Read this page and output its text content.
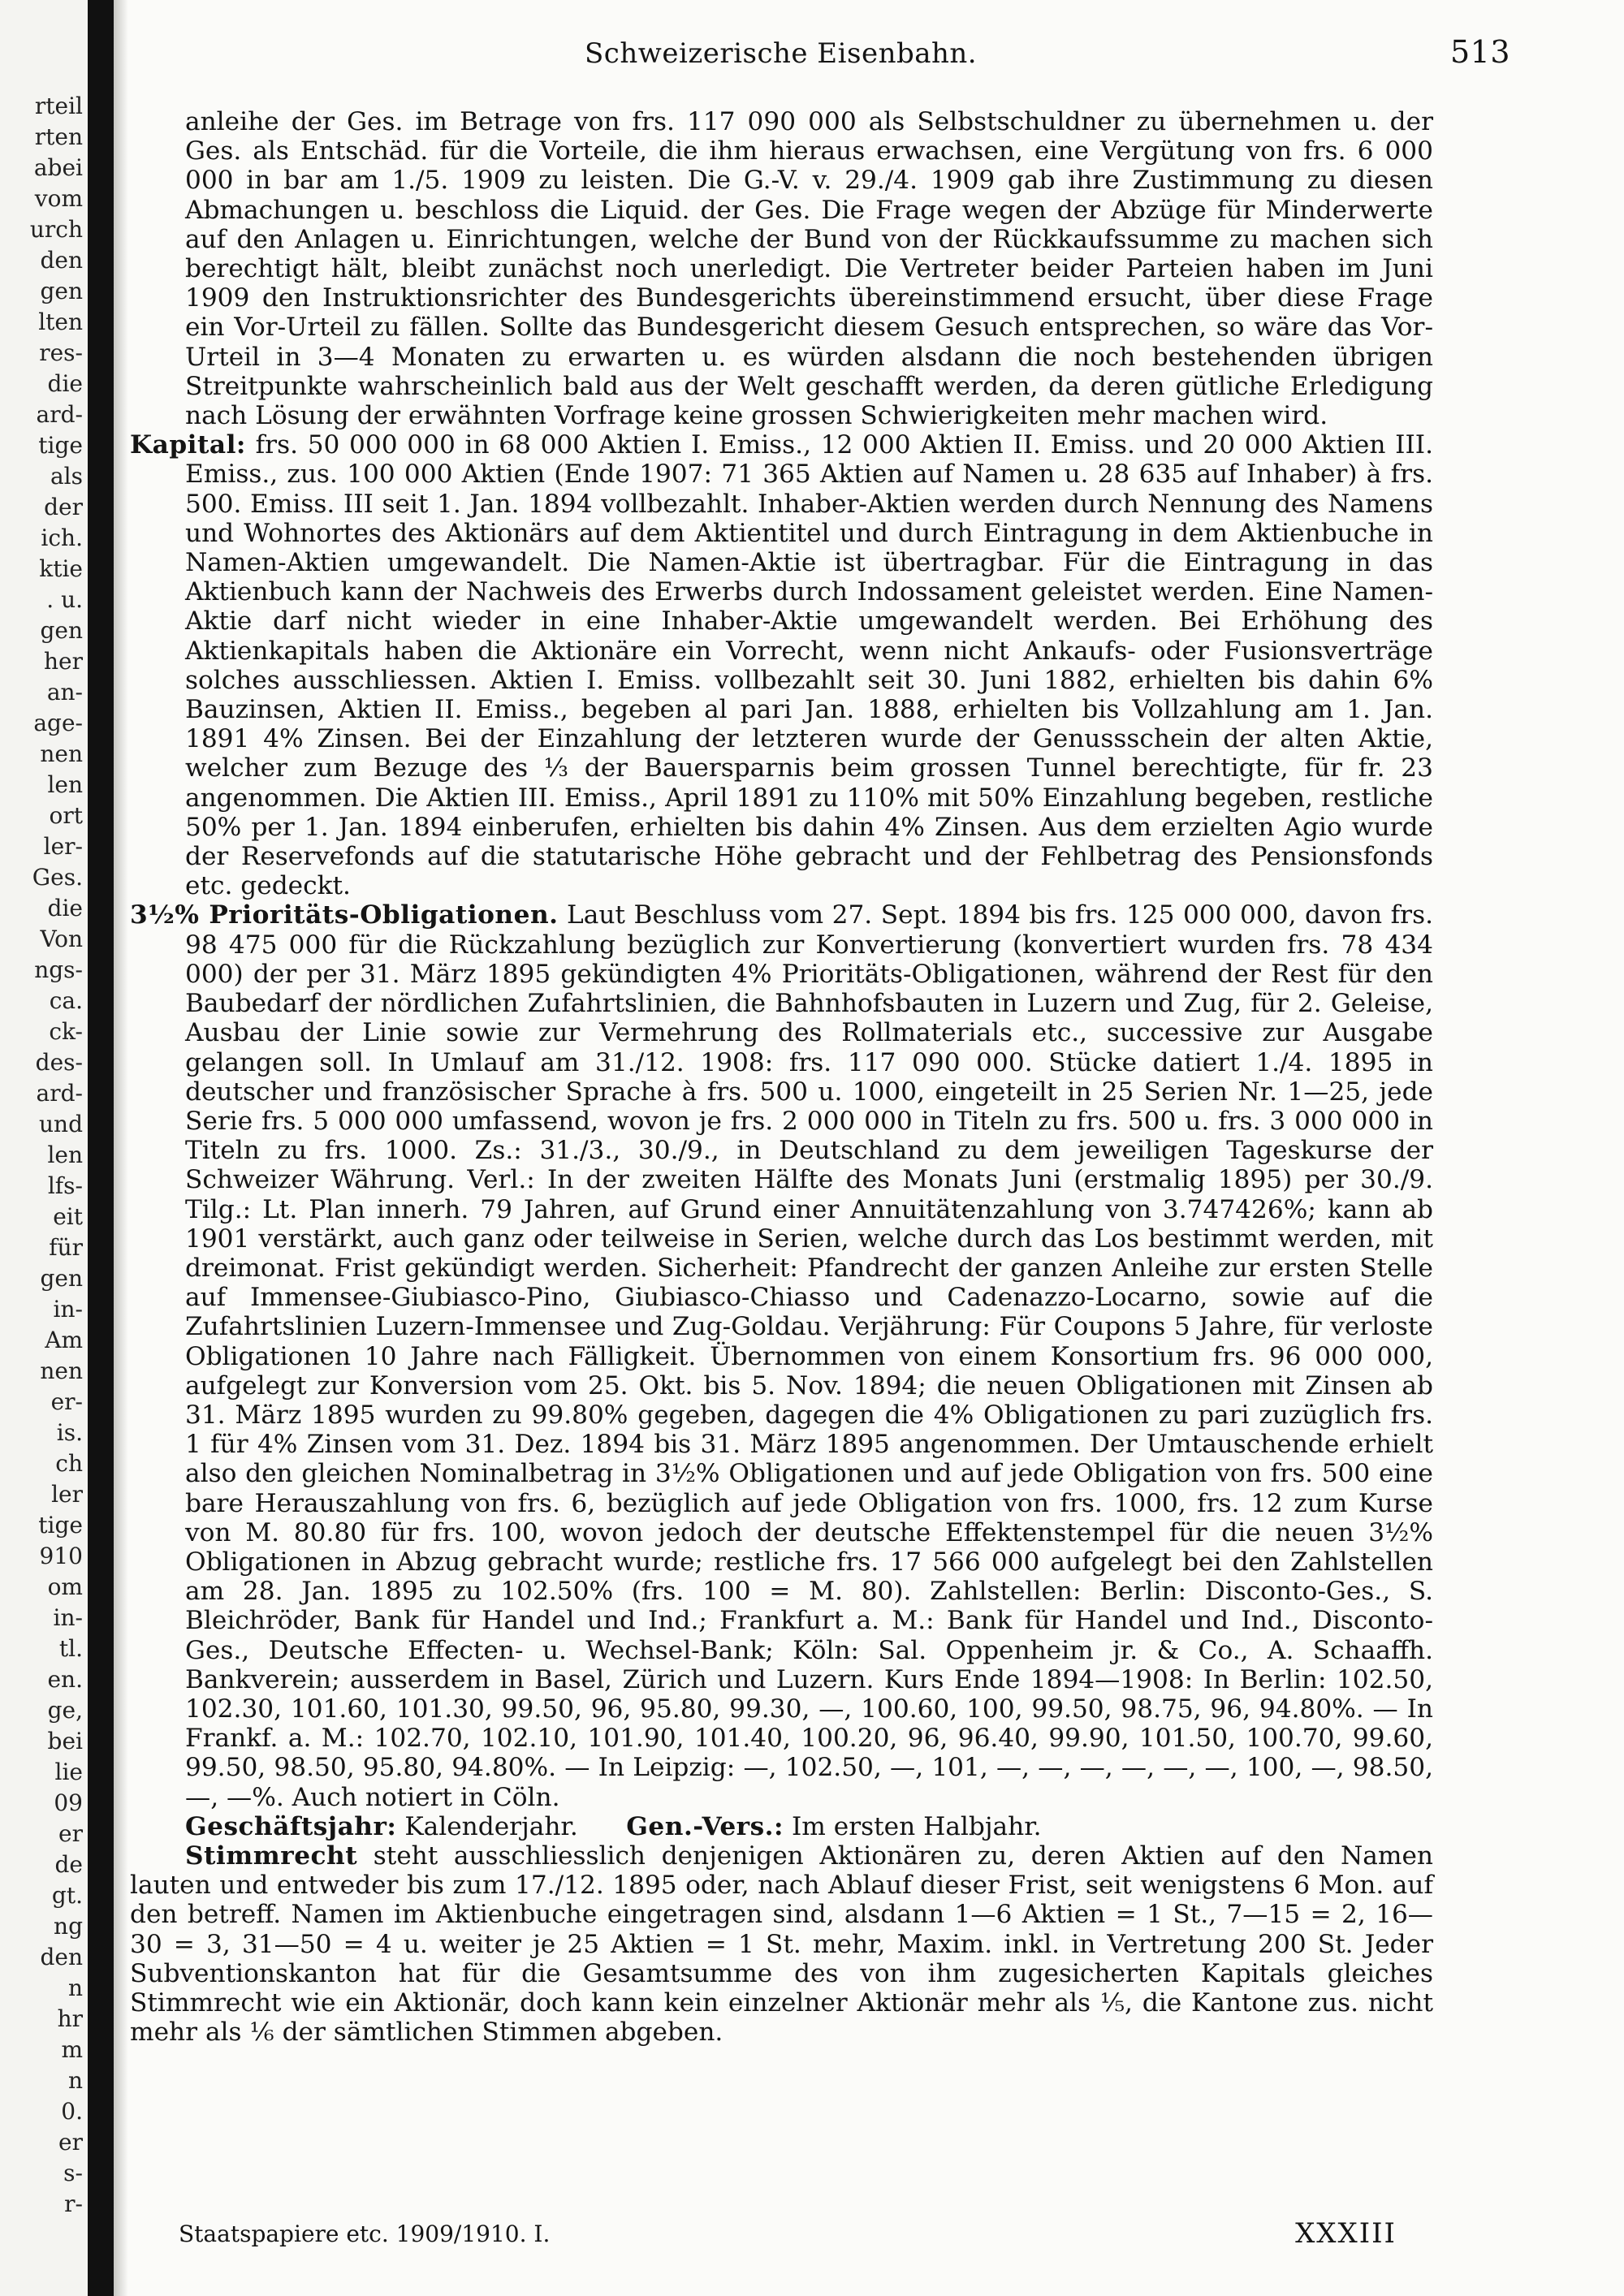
rteil
rten
abei
vom
urch
den
gen
lten
res-
die
ard-
tige
als
der
ich.
ktie
. u.
gen
her
an-
age-
nen
len
ort
ler-
Ges.
die
Von
ngs-
ca.
ck-
des-
ard-
und
len
lfs-
eit
für
gen
in-
Am
nen
er-
is.
ch
ler
tige
910
om
in-
tl.
en.
ge,
bei
lie
09
er
de
gt.
ng
den
n
hr
m
n
0.
er
s-
r-
Schweizerische Eisenbahn.	513

anleihe der Ges. im Betrage von frs. 117 090 000 als Selbstschuldner zu übernehmen u. der Ges. als Entschäd. für die Vorteile, die ihm hieraus erwachsen, eine Vergütung von frs. 6 000 000 in bar am 1./5. 1909 zu leisten. Die G.-V. v. 29./4. 1909 gab ihre Zustimmung zu diesen Abmachungen u. beschloss die Liquid. der Ges. Die Frage wegen der Abzüge für Minderwerte auf den Anlagen u. Einrichtungen, welche der Bund von der Rückkaufssumme zu machen sich berechtigt hält, bleibt zunächst noch unerledigt. Die Vertreter beider Parteien haben im Juni 1909 den Instruktionsrichter des Bundesgerichts übereinstimmend ersucht, über diese Frage ein Vor-Urteil zu fällen. Sollte das Bundesgericht diesem Gesuch entsprechen, so wäre das Vor-Urteil in 3—4 Monaten zu erwarten u. es würden alsdann die noch bestehenden übrigen Streitpunkte wahrscheinlich bald aus der Welt geschafft werden, da deren gütliche Erledigung nach Lösung der erwähnten Vorfrage keine grossen Schwierigkeiten mehr machen wird.

Kapital: frs. 50 000 000 in 68 000 Aktien I. Emiss., 12 000 Aktien II. Emiss. und 20 000 Aktien III. Emiss., zus. 100 000 Aktien (Ende 1907: 71 365 Aktien auf Namen u. 28 635 auf Inhaber) à frs. 500. Emiss. III seit 1. Jan. 1894 vollbezahlt. Inhaber-Aktien werden durch Nennung des Namens und Wohnortes des Aktionärs auf dem Aktientitel und durch Eintragung in dem Aktienbuche in Namen-Aktien umgewandelt. Die Namen-Aktie ist übertragbar. Für die Eintragung in das Aktienbuch kann der Nachweis des Erwerbs durch Indossament geleistet werden. Eine Namen-Aktie darf nicht wieder in eine Inhaber-Aktie umgewandelt werden. Bei Erhöhung des Aktienkapitals haben die Aktionäre ein Vorrecht, wenn nicht Ankaufs- oder Fusionsverträge solches ausschliessen. Aktien I. Emiss. vollbezahlt seit 30. Juni 1882, erhielten bis dahin 6% Bauzinsen, Aktien II. Emiss., begeben al pari Jan. 1888, erhielten bis Vollzahlung am 1. Jan. 1891 4% Zinsen. Bei der Einzahlung der letzteren wurde der Genussschein der alten Aktie, welcher zum Bezuge des ⅓ der Bauersparnis beim grossen Tunnel berechtigte, für fr. 23 angenommen. Die Aktien III. Emiss., April 1891 zu 110% mit 50% Einzahlung begeben, restliche 50% per 1. Jan. 1894 einberufen, erhielten bis dahin 4% Zinsen. Aus dem erzielten Agio wurde der Reservefonds auf die statutarische Höhe gebracht und der Fehlbetrag des Pensionsfonds etc. gedeckt.

3½% Prioritäts-Obligationen. Laut Beschluss vom 27. Sept. 1894 bis frs. 125 000 000, davon frs. 98 475 000 für die Rückzahlung bezüglich zur Konvertierung (konvertiert wurden frs. 78 434 000) der per 31. März 1895 gekündigten 4% Prioritäts-Obligationen, während der Rest für den Baubedarf der nördlichen Zufahrtslinien, die Bahnhofsbauten in Luzern und Zug, für 2. Geleise, Ausbau der Linie sowie zur Vermehrung des Rollmaterials etc., successive zur Ausgabe gelangen soll. In Umlauf am 31./12. 1908: frs. 117 090 000. Stücke datiert 1./4. 1895 in deutscher und französischer Sprache à frs. 500 u. 1000, eingeteilt in 25 Serien Nr. 1—25, jede Serie frs. 5 000 000 umfassend, wovon je frs. 2 000 000 in Titeln zu frs. 500 u. frs. 3 000 000 in Titeln zu frs. 1000. Zs.: 31./3., 30./9., in Deutschland zu dem jeweiligen Tageskurse der Schweizer Währung. Verl.: In der zweiten Hälfte des Monats Juni (erstmalig 1895) per 30./9. Tilg.: Lt. Plan innerh. 79 Jahren, auf Grund einer Annuitätenzahlung von 3.747426%; kann ab 1901 verstärkt, auch ganz oder teilweise in Serien, welche durch das Los bestimmt werden, mit dreimonat. Frist gekündigt werden. Sicherheit: Pfandrecht der ganzen Anleihe zur ersten Stelle auf Immensee-Giubiasco-Pino, Giubiasco-Chiasso und Cadenazzo-Locarno, sowie auf die Zufahrtslinien Luzern-Immensee und Zug-Goldau. Verjährung: Für Coupons 5 Jahre, für verloste Obligationen 10 Jahre nach Fälligkeit. Übernommen von einem Konsortium frs. 96 000 000, aufgelegt zur Konversion vom 25. Okt. bis 5. Nov. 1894; die neuen Obligationen mit Zinsen ab 31. März 1895 wurden zu 99.80% gegeben, dagegen die 4% Obligationen zu pari zuzüglich frs. 1 für 4% Zinsen vom 31. Dez. 1894 bis 31. März 1895 angenommen. Der Umtauschende erhielt also den gleichen Nominalbetrag in 3½% Obligationen und auf jede Obligation von frs. 500 eine bare Herauszahlung von frs. 6, bezüglich auf jede Obligation von frs. 1000, frs. 12 zum Kurse von M. 80.80 für frs. 100, wovon jedoch der deutsche Effektenstempel für die neuen 3½% Obligationen in Abzug gebracht wurde; restliche frs. 17 566 000 aufgelegt bei den Zahlstellen am 28. Jan. 1895 zu 102.50% (frs. 100 = M. 80). Zahlstellen: Berlin: Disconto-Ges., S. Bleichröder, Bank für Handel und Ind.; Frankfurt a. M.: Bank für Handel und Ind., Disconto-Ges., Deutsche Effecten- u. Wechsel-Bank; Köln: Sal. Oppenheim jr. & Co., A. Schaaffh. Bankverein; ausserdem in Basel, Zürich und Luzern. Kurs Ende 1894—1908: In Berlin: 102.50, 102.30, 101.60, 101.30, 99.50, 96, 95.80, 99.30, —, 100.60, 100, 99.50, 98.75, 96, 94.80%. — In Frankf. a. M.: 102.70, 102.10, 101.90, 101.40, 100.20, 96, 96.40, 99.90, 101.50, 100.70, 99.60, 99.50, 98.50, 95.80, 94.80%. — In Leipzig: —, 102.50, —, 101, —, —, —, —, —, —, 100, —, 98.50, —, —%. Auch notiert in Cöln.

Geschäftsjahr: Kalenderjahr. Gen.-Vers.: Im ersten Halbjahr.

Stimmrecht steht ausschliesslich denjenigen Aktionären zu, deren Aktien auf den Namen lauten und entweder bis zum 17./12. 1895 oder, nach Ablauf dieser Frist, seit wenigstens 6 Mon. auf den betreff. Namen im Aktienbuche eingetragen sind, alsdann 1—6 Aktien = 1 St., 7—15 = 2, 16—30 = 3, 31—50 = 4 u. weiter je 25 Aktien = 1 St. mehr, Maxim. inkl. in Vertretung 200 St. Jeder Subventionskanton hat für die Gesamtsumme des von ihm zugesicherten Kapitals gleiches Stimmrecht wie ein Aktionär, doch kann kein einzelner Aktionär mehr als ⅕, die Kantone zus. nicht mehr als ⅙ der sämtlichen Stimmen abgeben.

Staatspapiere etc. 1909/1910. I.	XXXIII
